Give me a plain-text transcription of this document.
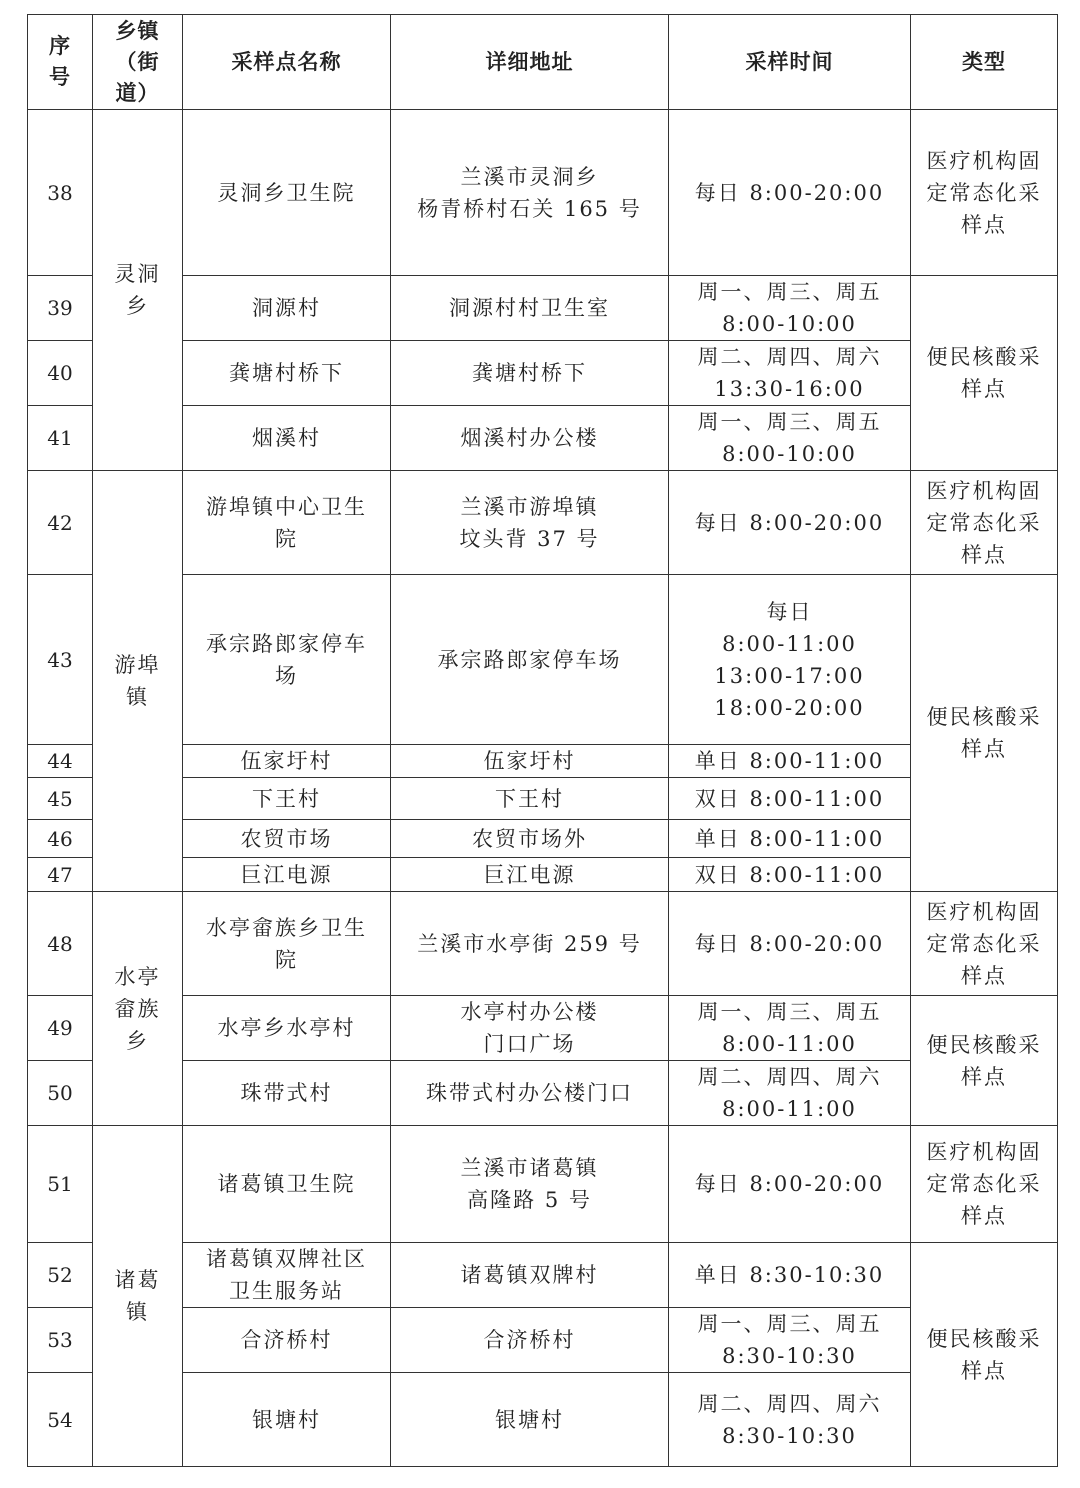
序
号	乡镇
（街
道）	采样点名称	详细地址	采样时间	类型
38	灵洞
乡	灵洞乡卫生院	兰溪市灵洞乡
杨青桥村石关 165 号	每日 8:00-20:00	医疗机构固
定常态化采
样点

39		洞源村	洞源村村卫生室	周一、周三、周五
8:00-10:00	便民核酸采
样点

40		龚塘村桥下	龚塘村桥下	周二、周四、周六
13:30-16:00	

41		烟溪村	烟溪村办公楼	周一、周三、周五
8:00-10:00	

42	游埠
镇	游埠镇中心卫生
院	兰溪市游埠镇
坟头背 37 号	每日 8:00-20:00	医疗机构固
定常态化采
样点

43		承宗路郎家停车
场	承宗路郎家停车场	每日
8:00-11:00
13:00-17:00
18:00-20:00	便民核酸采
样点

44		伍家圩村	伍家圩村	单日 8:00-11:00	

45		下王村	下王村	双日 8:00-11:00	

46		农贸市场	农贸市场外	单日 8:00-11:00	

47		巨江电源	巨江电源	双日 8:00-11:00	

48	水亭
畲族
乡	水亭畲族乡卫生
院	兰溪市水亭街 259 号	每日 8:00-20:00	医疗机构固
定常态化采
样点

49		水亭乡水亭村	水亭村办公楼
门口广场	周一、周三、周五
8:00-11:00	便民核酸采
样点

50		珠带式村	珠带式村办公楼门口	周二、周四、周六
8:00-11:00	

51	诸葛
镇	诸葛镇卫生院	兰溪市诸葛镇
高隆路 5 号	每日 8:00-20:00	医疗机构固
定常态化采
样点

52		诸葛镇双牌社区
卫生服务站	诸葛镇双牌村	单日 8:30-10:30	便民核酸采
样点

53		合济桥村	合济桥村	周一、周三、周五
8:30-10:30	

54		银塘村	银塘村	周二、周四、周六
8:30-10:30	
